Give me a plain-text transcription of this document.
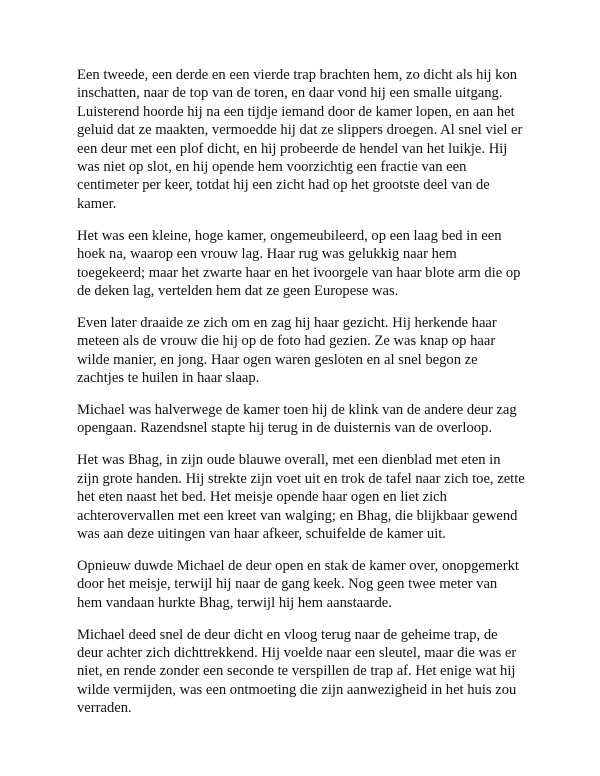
Een tweede, een derde en een vierde trap brachten hem, zo dicht als hij kon inschatten, naar de top van de toren, en daar vond hij een smalle uitgang. Luisterend hoorde hij na een tijdje iemand door de kamer lopen, en aan het geluid dat ze maakten, vermoedde hij dat ze slippers droegen. Al snel viel er een deur met een plof dicht, en hij probeerde de hendel van het luikje. Hij was niet op slot, en hij opende hem voorzichtig een fractie van een centimeter per keer, totdat hij een zicht had op het grootste deel van de kamer.

Het was een kleine, hoge kamer, ongemeubileerd, op een laag bed in een hoek na, waarop een vrouw lag. Haar rug was gelukkig naar hem toegekeerd; maar het zwarte haar en het ivoorgele van haar blote arm die op de deken lag, vertelden hem dat ze geen Europese was.

Even later draaide ze zich om en zag hij haar gezicht. Hij herkende haar meteen als de vrouw die hij op de foto had gezien. Ze was knap op haar wilde manier, en jong. Haar ogen waren gesloten en al snel begon ze zachtjes te huilen in haar slaap.

Michael was halverwege de kamer toen hij de klink van de andere deur zag opengaan. Razendsnel stapte hij terug in de duisternis van de overloop.

Het was Bhag, in zijn oude blauwe overall, met een dienblad met eten in zijn grote handen. Hij strekte zijn voet uit en trok de tafel naar zich toe, zette het eten naast het bed. Het meisje opende haar ogen en liet zich achterovervallen met een kreet van walging; en Bhag, die blijkbaar gewend was aan deze uitingen van haar afkeer, schuifelde de kamer uit.

Opnieuw duwde Michael de deur open en stak de kamer over, onopgemerkt door het meisje, terwijl hij naar de gang keek. Nog geen twee meter van hem vandaan hurkte Bhag, terwijl hij hem aanstaarde.

Michael deed snel de deur dicht en vloog terug naar de geheime trap, de deur achter zich dichttrekkend. Hij voelde naar een sleutel, maar die was er niet, en rende zonder een seconde te verspillen de trap af. Het enige wat hij wilde vermijden, was een ontmoeting die zijn aanwezigheid in het huis zou verraden.
